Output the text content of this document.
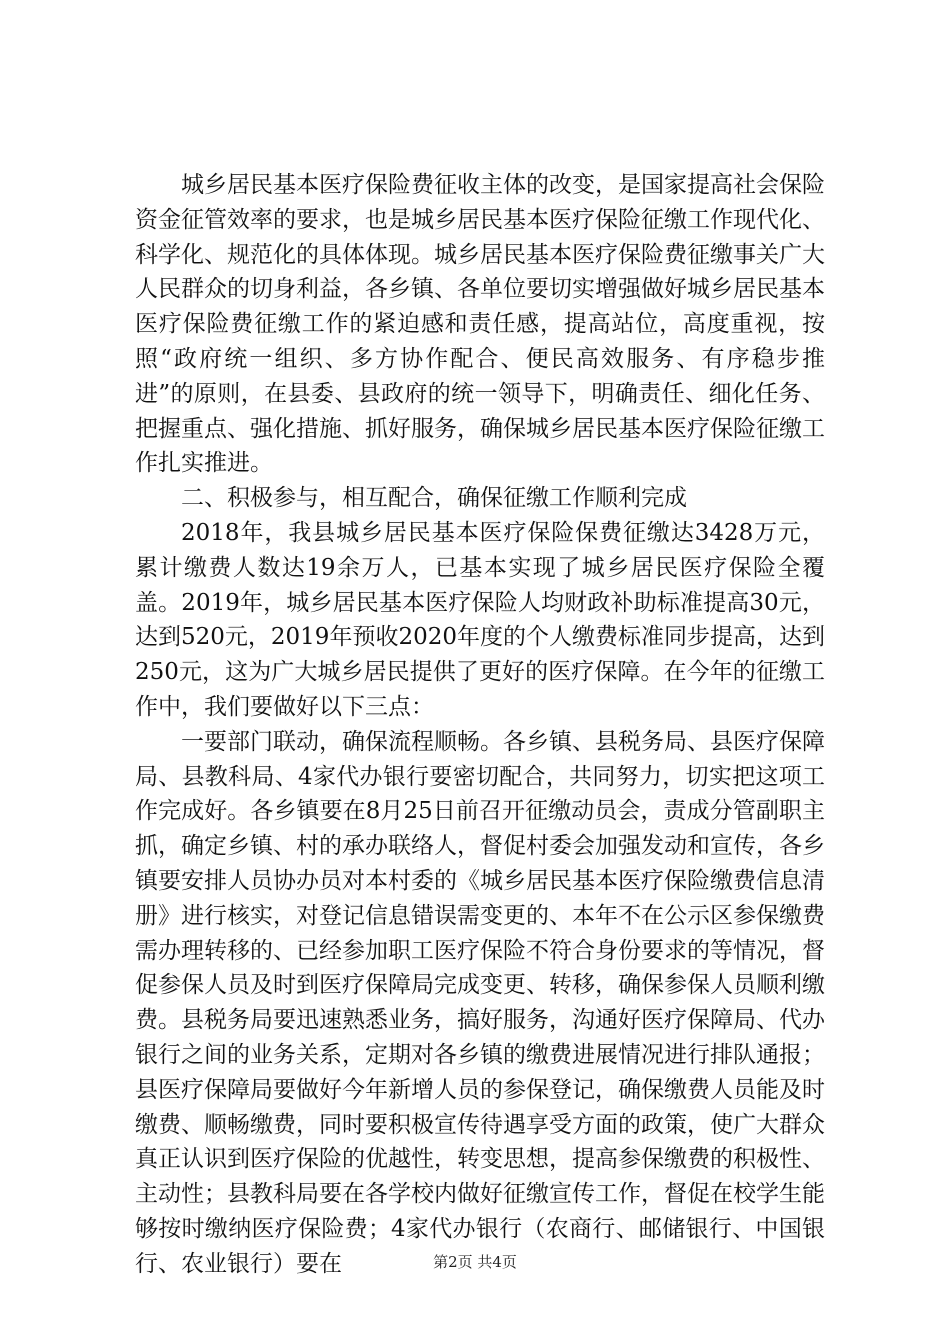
城乡居民基本医疗保险费征收主体的改变，是国家提高社会保险资金征管效率的要求，也是城乡居民基本医疗保险征缴工作现代化、科学化、规范化的具体体现。城乡居民基本医疗保险费征缴事关广大人民群众的切身利益，各乡镇、各单位要切实增强做好城乡居民基本医疗保险费征缴工作的紧迫感和责任感，提高站位，高度重视，按照“政府统一组织、多方协作配合、便民高效服务、有序稳步推进”的原则，在县委、县政府的统一领导下，明确责任、细化任务、把握重点、强化措施、抓好服务，确保城乡居民基本医疗保险征缴工作扎实推进。

二、积极参与，相互配合，确保征缴工作顺利完成

2018年，我县城乡居民基本医疗保险保费征缴达3428万元，累计缴费人数达19余万人，已基本实现了城乡居民医疗保险全覆盖。2019年，城乡居民基本医疗保险人均财政补助标准提高30元，达到520元，2019年预收2020年度的个人缴费标准同步提高，达到250元，这为广大城乡居民提供了更好的医疗保障。在今年的征缴工作中，我们要做好以下三点：

一要部门联动，确保流程顺畅。各乡镇、县税务局、县医疗保障局、县教科局、4家代办银行要密切配合，共同努力，切实把这项工作完成好。各乡镇要在8月25日前召开征缴动员会，责成分管副职主抓，确定乡镇、村的承办联络人，督促村委会加强发动和宣传，各乡镇要安排人员协办员对本村委的《城乡居民基本医疗保险缴费信息清册》进行核实，对登记信息错误需变更的、本年不在公示区参保缴费需办理转移的、已经参加职工医疗保险不符合身份要求的等情况，督促参保人员及时到医疗保障局完成变更、转移，确保参保人员顺利缴费。县税务局要迅速熟悉业务，搞好服务，沟通好医疗保障局、代办银行之间的业务关系，定期对各乡镇的缴费进展情况进行排队通报；县医疗保障局要做好今年新增人员的参保登记，确保缴费人员能及时缴费、顺畅缴费，同时要积极宣传待遇享受方面的政策，使广大群众真正认识到医疗保险的优越性，转变思想，提高参保缴费的积极性、主动性；县教科局要在各学校内做好征缴宣传工作，督促在校学生能够按时缴纳医疗保险费；4家代办银行（农商行、邮储银行、中国银行、农业银行）要在	第2页 共4页
